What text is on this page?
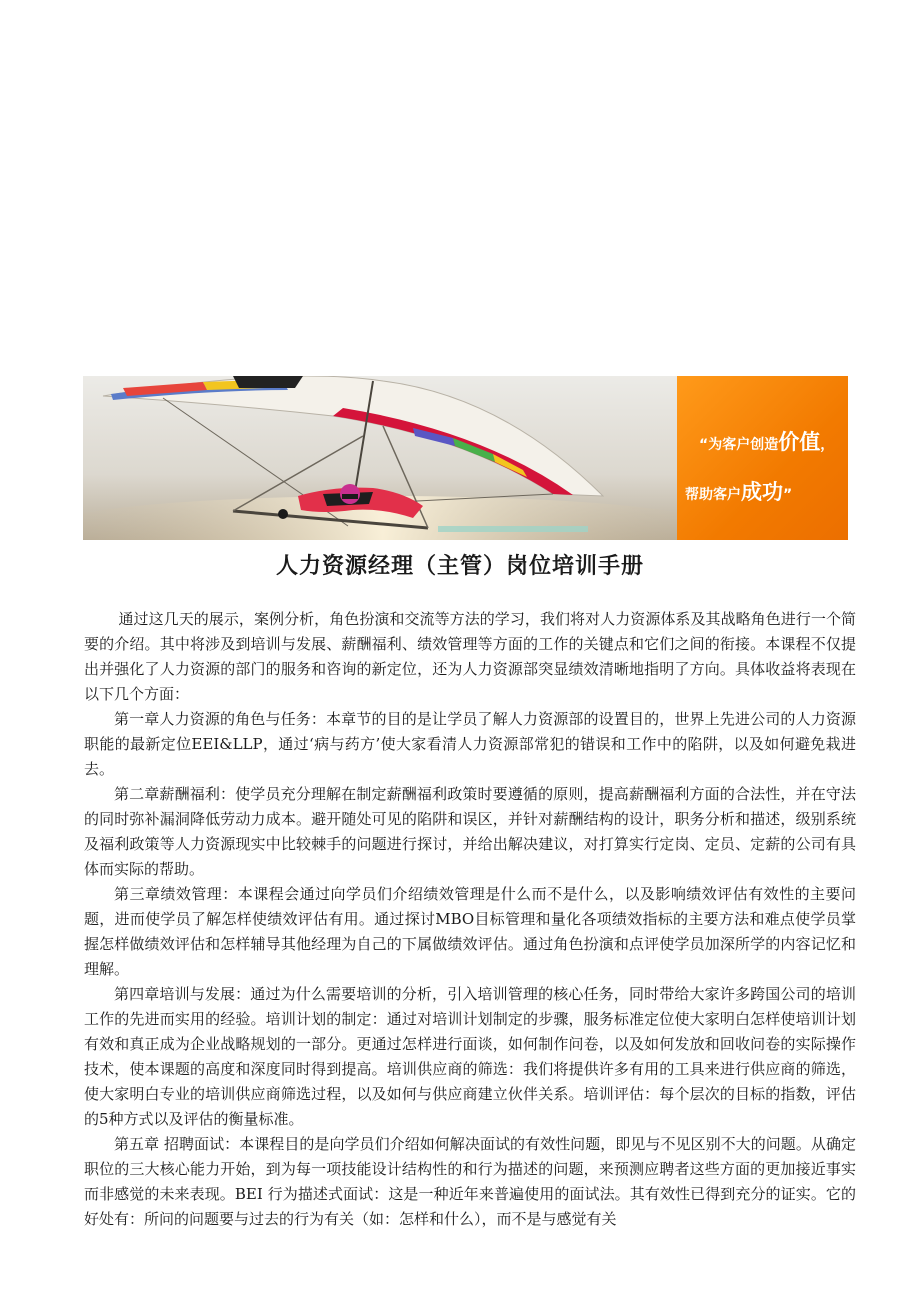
“为客户创造价值，
帮助客户成功”
人力资源经理（主管）岗位培训手册

通过这几天的展示，案例分析，角色扮演和交流等方法的学习，我们将对人力资源体系及其战略角色进行一个简要的介绍。其中将涉及到培训与发展、薪酬福利、绩效管理等方面的工作的关键点和它们之间的衔接。本课程不仅提出并强化了人力资源的部门的服务和咨询的新定位，还为人力资源部突显绩效清晰地指明了方向。具体收益将表现在以下几个方面：

第一章人力资源的角色与任务：本章节的目的是让学员了解人力资源部的设置目的，世界上先进公司的人力资源职能的最新定位EEI&LLP，通过‘病与药方’使大家看清人力资源部常犯的错误和工作中的陷阱，以及如何避免栽进去。

第二章薪酬福利：使学员充分理解在制定薪酬福利政策时要遵循的原则，提高薪酬福利方面的合法性，并在守法的同时弥补漏洞降低劳动力成本。避开随处可见的陷阱和误区，并针对薪酬结构的设计，职务分析和描述，级别系统及福利政策等人力资源现实中比较棘手的问题进行探讨，并给出解决建议，对打算实行定岗、定员、定薪的公司有具体而实际的帮助。

第三章绩效管理：本课程会通过向学员们介绍绩效管理是什么而不是什么，以及影响绩效评估有效性的主要问题，进而使学员了解怎样使绩效评估有用。通过探讨MBO目标管理和量化各项绩效指标的主要方法和难点使学员掌握怎样做绩效评估和怎样辅导其他经理为自己的下属做绩效评估。通过角色扮演和点评使学员加深所学的内容记忆和理解。

第四章培训与发展：通过为什么需要培训的分析，引入培训管理的核心任务，同时带给大家许多跨国公司的培训工作的先进而实用的经验。培训计划的制定：通过对培训计划制定的步骤，服务标准定位使大家明白怎样使培训计划有效和真正成为企业战略规划的一部分。更通过怎样进行面谈，如何制作问卷，以及如何发放和回收问卷的实际操作技术，使本课题的高度和深度同时得到提高。培训供应商的筛选：我们将提供许多有用的工具来进行供应商的筛选，使大家明白专业的培训供应商筛选过程，以及如何与供应商建立伙伴关系。培训评估：每个层次的目标的指数，评估的5种方式以及评估的衡量标准。

第五章 招聘面试：本课程目的是向学员们介绍如何解决面试的有效性问题，即见与不见区别不大的问题。从确定职位的三大核心能力开始，到为每一项技能设计结构性的和行为描述的问题，来预测应聘者这些方面的更加接近事实而非感觉的未来表现。BEI 行为描述式面试：这是一种近年来普遍使用的面试法。其有效性已得到充分的证实。它的好处有：所问的问题要与过去的行为有关（如：怎样和什么），而不是与感觉有关
